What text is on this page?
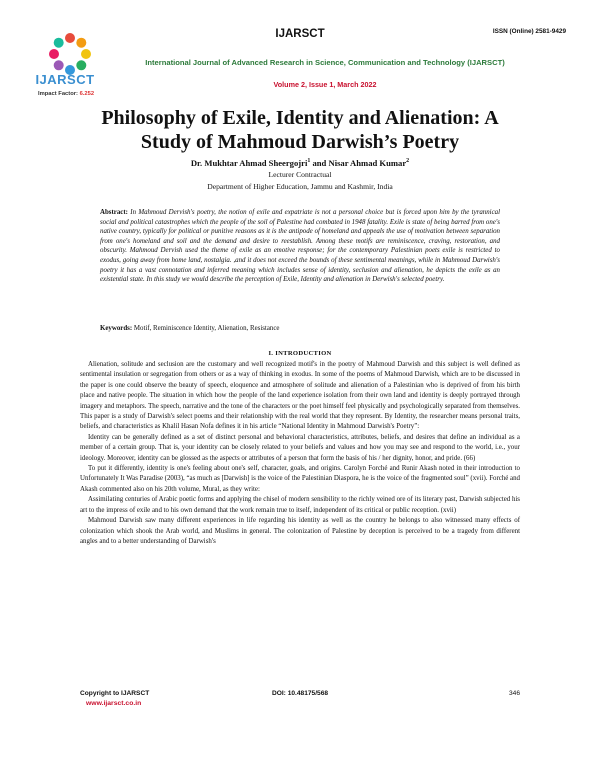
IJARSCT	ISSN (Online) 2581-9429
IJARSCT
Impact Factor: 6.252
International Journal of Advanced Research in Science, Communication and Technology (IJARSCT)
Volume 2, Issue 1, March 2022
Philosophy of Exile, Identity and Alienation: A Study of Mahmoud Darwish’s Poetry
Dr. Mukhtar Ahmad Sheergojri$^1$ and Nisar Ahmad Kumar$^2$
Lecturer Contractual
Department of Higher Education, Jammu and Kashmir, India
Abstract: In Mahmoud Dervish's poetry, the notion of exile and expatriate is not a personal choice but is forced upon him by the tyrannical social and political catastrophes which the people of the soil of Palestine had combated in 1948 fatality. Exile is state of being barred from one's native country, typically for political or punitive reasons as it is the antipode of homeland and appeals the use of motivation between separation from one's homeland and soil and the demand and desire to reestablish. Among these motifs are reminiscence, craving, restoration, and obscurity. Mahmoud Dervish used the theme of exile as an emotive response; for the contemporary Palestinian poets exile is restricted to exodus, going away from home land, nostalgia. ,and it does not exceed the bounds of these sentimental meanings, while in Mahmoud Darwish's poetry it has a vast connotation and inferred meaning which includes sense of identity, seclusion and alienation, he depicts the exile as an existential state. In this study we would describe the perception of Exile, Identity and alienation in Derwish's selected poetry.
Keywords: Motif, Reminiscence Identity, Alienation, Resistance
I. INTRODUCTION

Alienation, solitude and seclusion are the customary and well recognized motif's in the poetry of Mahmoud Darwish and this subject is well defined as sentimental insulation or segregation from others or as a way of thinking in exodus. In some of the poems of Mahmoud Darwish, which are to be discussed in the paper is one could observe the beauty of speech, eloquence and atmosphere of solitude and alienation of a Palestinian who is deprived of from his birth place and native people. The situation in which how the people of the land experience isolation from their own land and identity is deeply portrayed through imagery and metaphors. The speech, narrative and the tone of the characters or the poet himself feel physically and psychologically separated from themselves. This paper is a study of Darwish's select poems and their relationship with the real world that they represent. By Identity, the researcher means personal traits, beliefs, and characteristics as Khalil Hasan Nofa defines it in his article “National Identity in Mahmoud Darwish's Poetry”:

Identity can be generally defined as a set of distinct personal and behavioral characteristics, attributes, beliefs, and desires that define an individual as a member of a certain group. That is, your identity can be closely related to your beliefs and values and how you may see and respond to the world, i.e., your ideology. Moreover, identity can be glossed as the aspects or attributes of a person that form the basis of his / her dignity, honor, and pride. (66)

To put it differently, identity is one's feeling about one's self, character, goals, and origins. Carolyn Forché and Runir Akash noted in their introduction to Unfortunately It Was Paradise (2003), “as much as [Darwish] is the voice of the Palestinian Diaspora, he is the voice of the fragmented soul” (xvii). Forché and Akash commented also on his 20th volume, Mural, as they write:

Assimilating centuries of Arabic poetic forms and applying the chisel of modern sensibility to the richly veined ore of its literary past, Darwish subjected his art to the impress of exile and to his own demand that the work remain true to itself, independent of its critical or public reception. (xvii)

Mahmoud Darwish saw many different experiences in life regarding his identity as well as the country he belongs to also witnessed many effects of colonization which shook the Arab world, and Muslims in general. The colonization of Palestine by deception is perceived to be a tragedy from different angles and to a better understanding of Darwish's

Copyright to IJARSCT
www.ijarsct.co.in
DOI: 10.48175/568	346
